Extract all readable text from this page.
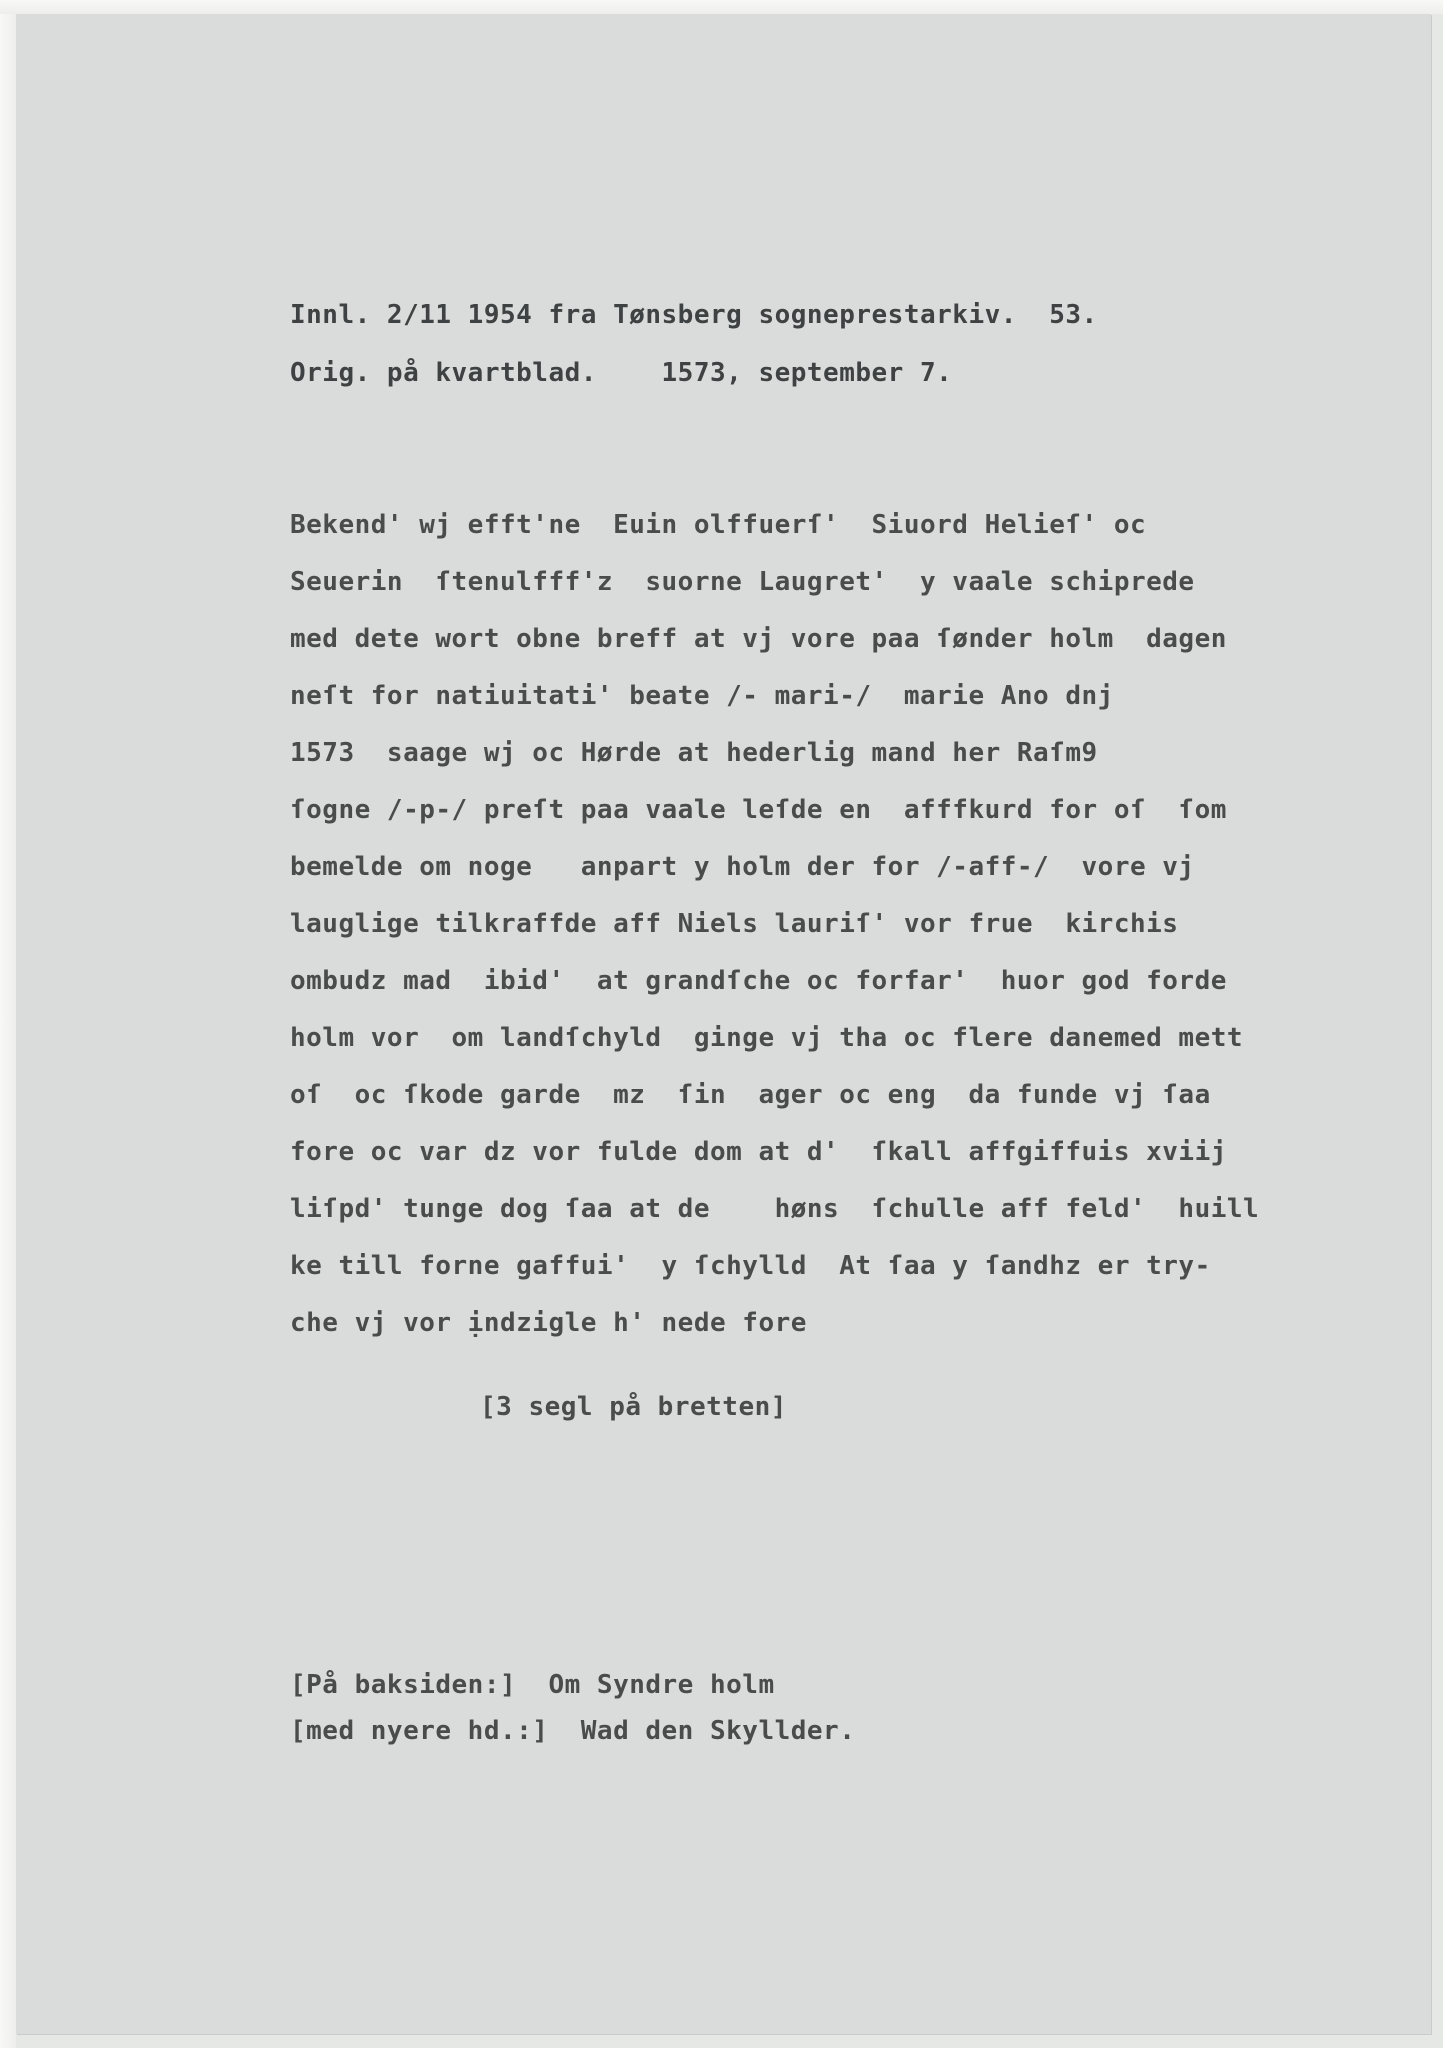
Innl. 2/11 1954 fra Tønsberg sogneprestarkiv.  53.

Orig. på kvartblad.    1573, september 7.

Bekend' wj efft'ne  Euin olffuerſ'  Siuord Helieſ' oc

Seuerin  ſtenulfff'z  suorne Laugret'  y vaale schiprede

med dete wort obne breff at vj vore paa ſønder holm  dagen

neſt for natiuitati' beate /- mari-/  marie Ano dnj

1573  saage wj oc Hørde at hederlig mand her Raſm9

ſogne /-p-/ preſt paa vaale leſde en  afffkurd for oſ  ſom

bemelde om noge   anpart y holm der for /-aff-/  vore vj

lauglige tilkraffde aff Niels lauriſ' vor frue  kirchis

ombudz mad  ibid'  at grandſche oc forfar'  huor god forde

holm vor  om landſchyld  ginge vj tha oc flere danemed mett

oſ  oc ſkode garde  mz  ſin  ager oc eng  da funde vj ſaa

fore oc var dz vor fulde dom at d'  ſkall affgiffuis xviij

liſpd' tunge dog ſaa at de    høns  ſchulle aff feld'  huill

ke till forne gaffui'  y ſchylld  At ſaa y ſandhz er try-

che vj vor ịndzigle h' nede fore

[3 segl på bretten]

[På baksiden:]  Om Syndre holm

[med nyere hd.:]  Wad den Skyllder.
